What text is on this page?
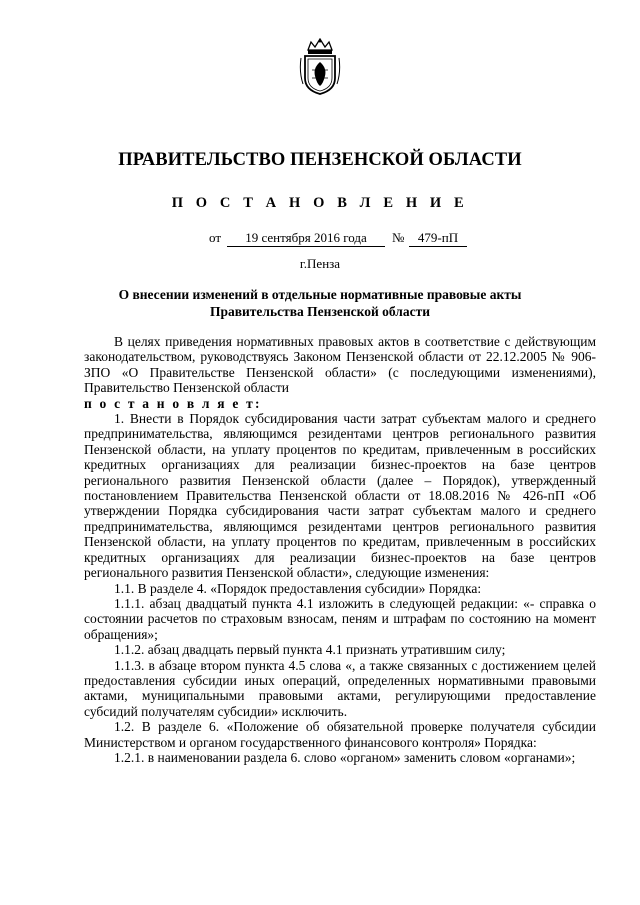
ПРАВИТЕЛЬСТВО ПЕНЗЕНСКОЙ ОБЛАСТИ
П О С Т А Н О В Л Е Н И Е
от	19 сентября 2016 года	№	479-пП
г.Пенза
О внесении изменений в отдельные нормативные правовые акты Правительства Пензенской области

В целях приведения нормативных правовых актов в соответствие с действующим законодательством, руководствуясь Законом Пензенской области от 22.12.2005 № 906-ЗПО «О Правительстве Пензенской области» (с последующими изменениями), Правительство Пензенской области

п о с т а н о в л я е т:

1. Внести в Порядок субсидирования части затрат субъектам малого и среднего предпринимательства, являющимся резидентами центров регионального развития Пензенской области, на уплату процентов по кредитам, привлеченным в российских кредитных организациях для реализации бизнес-проектов на базе центров регионального развития Пензенской области (далее – Порядок), утвержденный постановлением Правительства Пензенской области от 18.08.2016 № 426-пП «Об утверждении Порядка субсидирования части затрат субъектам малого и среднего предпринимательства, являющимся резидентами центров регионального развития Пензенской области, на уплату процентов по кредитам, привлеченным в российских кредитных организациях для реализации бизнес-проектов на базе центров регионального развития Пензенской области», следующие изменения:

1.1. В разделе 4. «Порядок предоставления субсидии» Порядка:

1.1.1. абзац двадцатый пункта 4.1 изложить в следующей редакции: «- справка о состоянии расчетов по страховым взносам, пеням и штрафам по состоянию на момент обращения»;

1.1.2. абзац двадцать первый пункта 4.1 признать утратившим силу;

1.1.3. в абзаце втором пункта 4.5 слова «, а также связанных с достижением целей предоставления субсидии иных операций, определенных нормативными правовыми актами, муниципальными правовыми актами, регулирующими предоставление субсидий получателям субсидии» исключить.

1.2. В разделе 6. «Положение об обязательной проверке получателя субсидии Министерством и органом государственного финансового контроля» Порядка:

1.2.1. в наименовании раздела 6. слово «органом» заменить словом «органами»;
